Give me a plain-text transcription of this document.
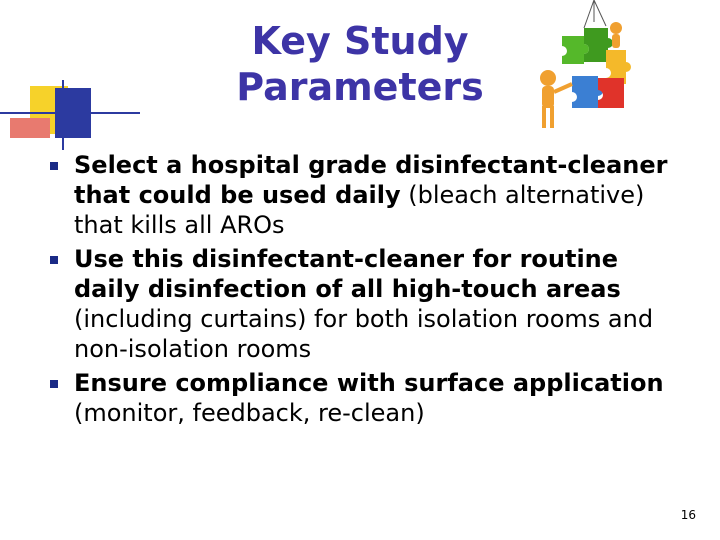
Key Study
Parameters
Select a hospital grade disinfectant-cleaner that could be used daily (bleach alternative) that kills all AROs
Use this disinfectant-cleaner for routine daily disinfection of all high-touch areas (including curtains) for both isolation rooms and non-isolation rooms
Ensure compliance with surface application (monitor, feedback, re-clean)
16
